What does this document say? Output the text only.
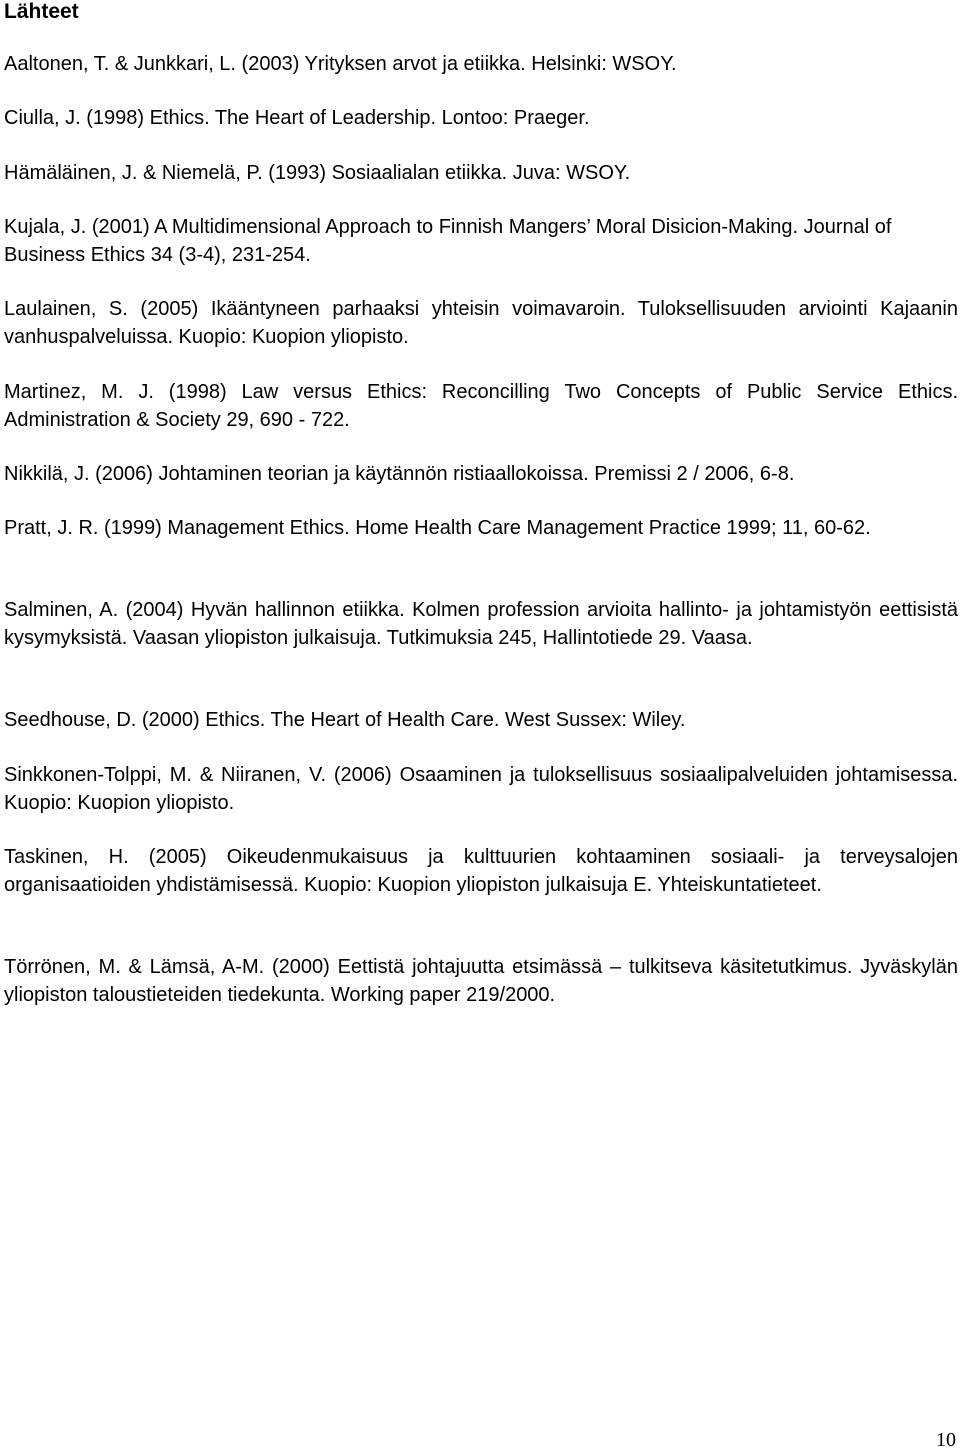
Lähteet

Aaltonen, T. & Junkkari, L. (2003) Yrityksen arvot ja etiikka. Helsinki: WSOY.

Ciulla, J. (1998) Ethics. The Heart of Leadership. Lontoo: Praeger.

Hämäläinen, J. & Niemelä, P. (1993) Sosiaalialan etiikka. Juva: WSOY.

Kujala, J. (2001) A Multidimensional Approach to Finnish Mangers’ Moral Disicion-Making. Journal of Business Ethics 34 (3-4), 231-254.

Laulainen, S. (2005) Ikääntyneen parhaaksi yhteisin voimavaroin. Tuloksellisuuden arviointi Kajaanin vanhuspalveluissa. Kuopio: Kuopion yliopisto.

Martinez, M. J. (1998) Law versus Ethics: Reconcilling Two Concepts of Public Service Ethics. Administration & Society 29, 690 - 722.

Nikkilä, J. (2006) Johtaminen teorian ja käytännön ristiaallokoissa. Premissi 2 / 2006, 6-8.

Pratt, J. R. (1999) Management Ethics. Home Health Care Management Practice 1999; 11, 60-62.

Salminen, A. (2004) Hyvän hallinnon etiikka. Kolmen profession arvioita hallinto- ja johtamistyön eettisistä kysymyksistä. Vaasan yliopiston julkaisuja. Tutkimuksia 245, Hallintotiede 29. Vaasa.

Seedhouse, D. (2000) Ethics. The Heart of Health Care. West Sussex: Wiley.

Sinkkonen-Tolppi, M. & Niiranen, V. (2006) Osaaminen ja tuloksellisuus sosiaalipalveluiden johtamisessa. Kuopio: Kuopion yliopisto.

Taskinen, H. (2005) Oikeudenmukaisuus ja kulttuurien kohtaaminen sosiaali- ja terveysalojen organisaatioiden yhdistämisessä. Kuopio: Kuopion yliopiston julkaisuja E. Yhteiskuntatieteet.

Törrönen, M. & Lämsä, A-M. (2000) Eettistä johtajuutta etsimässä – tulkitseva käsitetutkimus. Jyväskylän yliopiston taloustieteiden tiedekunta. Working paper 219/2000.

10
